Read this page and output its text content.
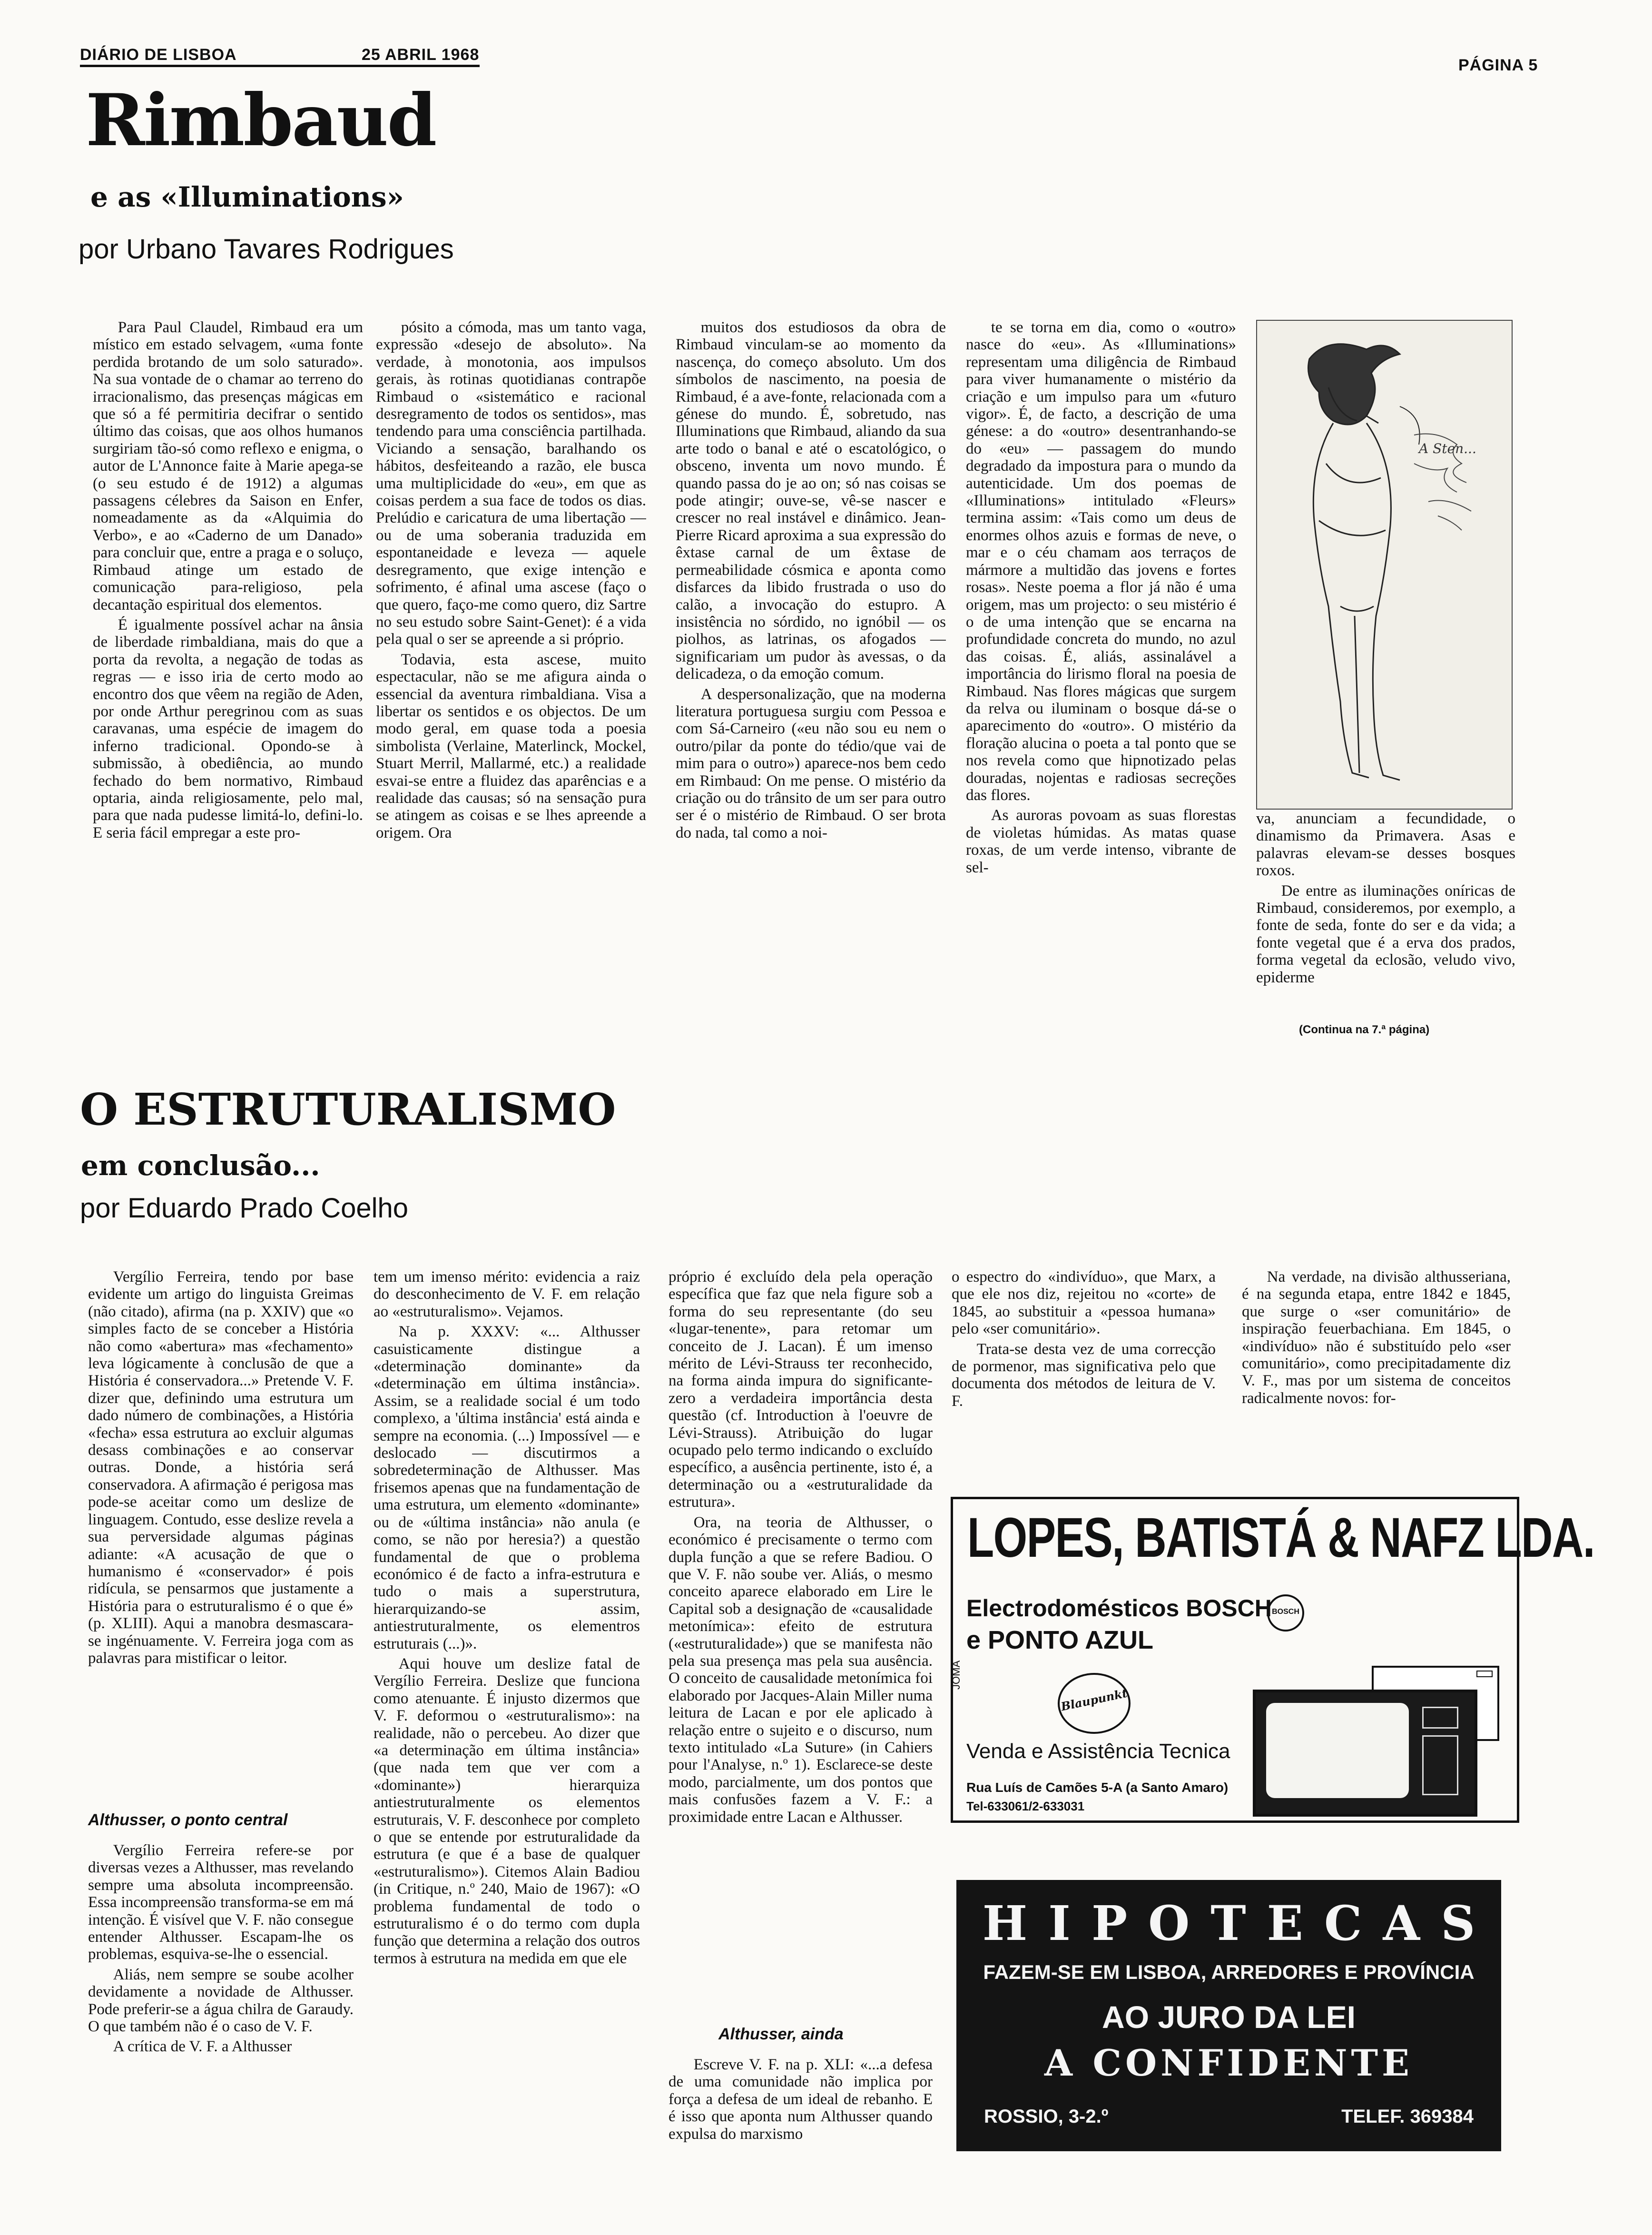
DIÁRIO DE LISBOA	25 ABRIL 1968
PÁGINA 5
Rimbaud
e as «Illuminations»
por Urbano Tavares Rodrigues

Para Paul Claudel, Rimbaud era um místico em estado selvagem, «uma fonte perdida brotando de um solo saturado». Na sua vontade de o chamar ao terreno do irracionalismo, das presenças mágicas em que só a fé permitiria decifrar o sentido último das coisas, que aos olhos humanos surgiriam tão-só como reflexo e enigma, o autor de L'Annonce faite à Marie apega-se (o seu estudo é de 1912) a algumas passagens célebres da Saison en Enfer, nomeadamente as da «Alquimia do Verbo», e ao «Caderno de um Danado» para concluir que, entre a praga e o soluço, Rimbaud atinge um estado de comunicação para-religioso, pela decantação espiritual dos elementos.

É igualmente possível achar na ânsia de liberdade rimbaldiana, mais do que a porta da revolta, a negação de todas as regras — e isso iria de certo modo ao encontro dos que vêem na região de Aden, por onde Arthur peregrinou com as suas caravanas, uma espécie de imagem do inferno tradicional. Opondo-se à submissão, à obediência, ao mundo fechado do bem normativo, Rimbaud optaria, ainda religiosamente, pelo mal, para que nada pudesse limitá-lo, defini-lo. E seria fácil empregar a este pro-

pósito a cómoda, mas um tanto vaga, expressão «desejo de absoluto». Na verdade, à monotonia, aos impulsos gerais, às rotinas quotidianas contrapõe Rimbaud o «sistemático e racional desregramento de todos os sentidos», mas tendendo para uma consciência partilhada. Viciando a sensação, baralhando os hábitos, desfeiteando a razão, ele busca uma multiplicidade do «eu», em que as coisas perdem a sua face de todos os dias. Prelúdio e caricatura de uma libertação — ou de uma soberania traduzida em espontaneidade e leveza — aquele desregramento, que exige intenção e sofrimento, é afinal uma ascese (faço o que quero, faço-me como quero, diz Sartre no seu estudo sobre Saint-Genet): é a vida pela qual o ser se apreende a si próprio.

Todavia, esta ascese, muito espectacular, não se me afigura ainda o essencial da aventura rimbaldiana. Visa a libertar os sentidos e os objectos. De um modo geral, em quase toda a poesia simbolista (Verlaine, Materlinck, Mockel, Stuart Merril, Mallarmé, etc.) a realidade esvai-se entre a fluidez das aparências e a realidade das causas; só na sensação pura se atingem as coisas e se lhes apreende a origem. Ora

muitos dos estudiosos da obra de Rimbaud vinculam-se ao momento da nascença, do começo absoluto. Um dos símbolos de nascimento, na poesia de Rimbaud, é a ave-fonte, relacionada com a génese do mundo. É, sobretudo, nas Illuminations que Rimbaud, aliando da sua arte todo o banal e até o escatológico, o obsceno, inventa um novo mundo. É quando passa do je ao on; só nas coisas se pode atingir; ouve-se, vê-se nascer e crescer no real instável e dinâmico. Jean-Pierre Ricard aproxima a sua expressão do êxtase carnal de um êxtase de permeabilidade cósmica e aponta como disfarces da libido frustrada o uso do calão, a invocação do estupro. A insistência no sórdido, no ignóbil — os piolhos, as latrinas, os afogados — significariam um pudor às avessas, o da delicadeza, o da emoção comum.

A despersonalização, que na moderna literatura portuguesa surgiu com Pessoa e com Sá-Carneiro («eu não sou eu nem o outro/pilar da ponte do tédio/que vai de mim para o outro») aparece-nos bem cedo em Rimbaud: On me pense. O mistério da criação ou do trânsito de um ser para outro ser é o mistério de Rimbaud. O ser brota do nada, tal como a noi-

te se torna em dia, como o «outro» nasce do «eu». As «Illuminations» representam uma diligência de Rimbaud para viver humanamente o mistério da criação e um impulso para um «futuro vigor». É, de facto, a descrição de uma génese: a do «outro» desentranhando-se do «eu» — passagem do mundo degradado da impostura para o mundo da autenticidade. Um dos poemas de «Illuminations» intitulado «Fleurs» termina assim: «Tais como um deus de enormes olhos azuis e formas de neve, o mar e o céu chamam aos terraços de mármore a multidão das jovens e fortes rosas». Neste poema a flor já não é uma origem, mas um projecto: o seu mistério é o de uma intenção que se encarna na profundidade concreta do mundo, no azul das coisas. É, aliás, assinalável a importância do lirismo floral na poesia de Rimbaud. Nas flores mágicas que surgem da relva ou iluminam o bosque dá-se o aparecimento do «outro». O mistério da floração alucina o poeta a tal ponto que se nos revela como que hipnotizado pelas douradas, nojentas e radiosas secreções das flores.

As auroras povoam as suas florestas de violetas húmidas. As matas quase roxas, de um verde intenso, vibrante de sel-

A Sten...

va, anunciam a fecundidade, o dinamismo da Primavera. Asas e palavras elevam-se desses bosques roxos.

De entre as iluminações oníricas de Rimbaud, consideremos, por exemplo, a fonte de seda, fonte do ser e da vida; a fonte vegetal que é a erva dos prados, forma vegetal da eclosão, veludo vivo, epiderme

(Continua na 7.ª página)
O ESTRUTURALISMO
em conclusão...
por Eduardo Prado Coelho

Vergílio Ferreira, tendo por base evidente um artigo do linguista Greimas (não citado), afirma (na p. XXIV) que «o simples facto de se conceber a História não como «abertura» mas «fechamento» leva lógicamente à conclusão de que a História é conservadora...» Pretende V. F. dizer que, definindo uma estrutura um dado número de combinações, a História «fecha» essa estrutura ao excluir algumas desass combinações e ao conservar outras. Donde, a história será conservadora. A afirmação é perigosa mas pode-se aceitar como um deslize de linguagem. Contudo, esse deslize revela a sua perversidade algumas páginas adiante: «A acusação de que o humanismo é «conservador» é pois ridícula, se pensarmos que justamente a História para o estruturalismo é o que é» (p. XLIII). Aqui a manobra desmascara-se ingénuamente. V. Ferreira joga com as palavras para mistificar o leitor.

Althusser, o ponto central

Vergílio Ferreira refere-se por diversas vezes a Althusser, mas revelando sempre uma absoluta incompreensão. Essa incompreensão transforma-se em má intenção. É visível que V. F. não consegue entender Althusser. Escapam-lhe os problemas, esquiva-se-lhe o essencial.

Aliás, nem sempre se soube acolher devidamente a novidade de Althusser. Pode preferir-se a água chilra de Garaudy. O que também não é o caso de V. F.

A crítica de V. F. a Althusser

tem um imenso mérito: evidencia a raiz do desconhecimento de V. F. em relação ao «estruturalismo». Vejamos.

Na p. XXXV: «... Althusser casuisticamente distingue a «determinação dominante» da «determinação em última instância». Assim, se a realidade social é um todo complexo, a 'última instância' está ainda e sempre na economia. (...) Impossível — e deslocado — discutirmos a sobredeterminação de Althusser. Mas frisemos apenas que na fundamentação de uma estrutura, um elemento «dominante» ou de «última instância» não anula (e como, se não por heresia?) a questão fundamental de que o problema económico é de facto a infra-estrutura e tudo o mais a superstrutura, hierarquizando-se assim, antiestruturalmente, os elementros estruturais (...)».

Aqui houve um deslize fatal de Vergílio Ferreira. Deslize que funciona como atenuante. É injusto dizermos que V. F. deformou o «estruturalismo»: na realidade, não o percebeu. Ao dizer que «a determinação em última instância» (que nada tem que ver com a «dominante») hierarquiza antiestruturalmente os elementos estruturais, V. F. desconhece por completo o que se entende por estruturalidade da estrutura (e que é a base de qualquer «estruturalismo»). Citemos Alain Badiou (in Critique, n.º 240, Maio de 1967): «O problema fundamental de todo o estruturalismo é o do termo com dupla função que determina a relação dos outros termos à estrutura na medida em que ele

próprio é excluído dela pela operação específica que faz que nela figure sob a forma do seu representante (do seu «lugar-tenente», para retomar um conceito de J. Lacan). É um imenso mérito de Lévi-Strauss ter reconhecido, na forma ainda impura do significante-zero a verdadeira importância desta questão (cf. Introduction à l'oeuvre de Lévi-Strauss). Atribuição do lugar ocupado pelo termo indicando o excluído específico, a ausência pertinente, isto é, a determinação ou a «estruturalidade da estrutura».

Ora, na teoria de Althusser, o económico é precisamente o termo com dupla função a que se refere Badiou. O que V. F. não soube ver. Aliás, o mesmo conceito aparece elaborado em Lire le Capital sob a designação de «causalidade metonímica»: efeito de estrutura («estruturalidade») que se manifesta não pela sua presença mas pela sua ausência. O conceito de causalidade metonímica foi elaborado por Jacques-Alain Miller numa leitura de Lacan e por ele aplicado à relação entre o sujeito e o discurso, num texto intitulado «La Suture» (in Cahiers pour l'Analyse, n.º 1). Esclarece-se deste modo, parcialmente, um dos pontos que mais confusões fazem a V. F.: a proximidade entre Lacan e Althusser.

Althusser, ainda

Escreve V. F. na p. XLI: «...a defesa de uma comunidade não implica por força a defesa de um ideal de rebanho. E é isso que aponta num Althusser quando expulsa do marxismo

o espectro do «indivíduo», que Marx, a que ele nos diz, rejeitou no «corte» de 1845, ao substituir a «pessoa humana» pelo «ser comunitário».

Trata-se desta vez de uma correcção de pormenor, mas significativa pelo que documenta dos métodos de leitura de V. F.

Na verdade, na divisão althusseriana, é na segunda etapa, entre 1842 e 1845, que surge o «ser comunitário» de inspiração feuerbachiana. Em 1845, o «indivíduo» não é substituído pelo «ser comunitário», como precipitadamente diz V. F., mas por um sistema de conceitos radicalmente novos: for-

LOPES, BATISTÁ & NAFZ LDA.
Electrodomésticos BOSCH
e PONTO AZUL
BOSCH
Blaupunkt
JOMA
Venda e Assistência Tecnica
Rua Luís de Camões 5-A (a Santo Amaro)
Tel-633061/2-633031
HIPOTECAS
FAZEM-SE EM LISBOA, ARREDORES E PROVÍNCIA
AO JURO DA LEI
A CONFIDENTE
ROSSIO, 3-2.º	TELEF. 369384
